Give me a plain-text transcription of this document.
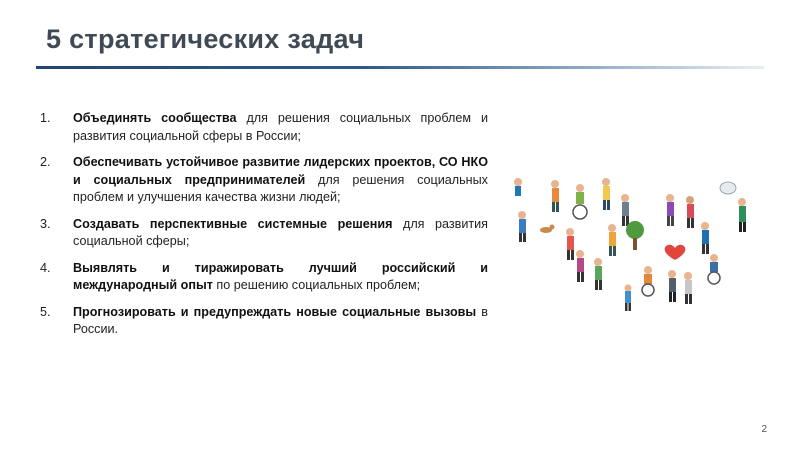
5 стратегических задач
1.	Объединять сообщества для решения социальных проблем и развития социальной сферы в России;
2.	Обеспечивать устойчивое развитие лидерских проектов, СО НКО и социальных предпринимателей для решения социальных проблем и улучшения качества жизни людей;
3.	Создавать перспективные системные решения для развития социальной сферы;
4.	Выявлять и тиражировать лучший российский и международный опыт по решению социальных проблем;
5.	Прогнозировать и предупреждать новые социальные вызовы в России.
2
